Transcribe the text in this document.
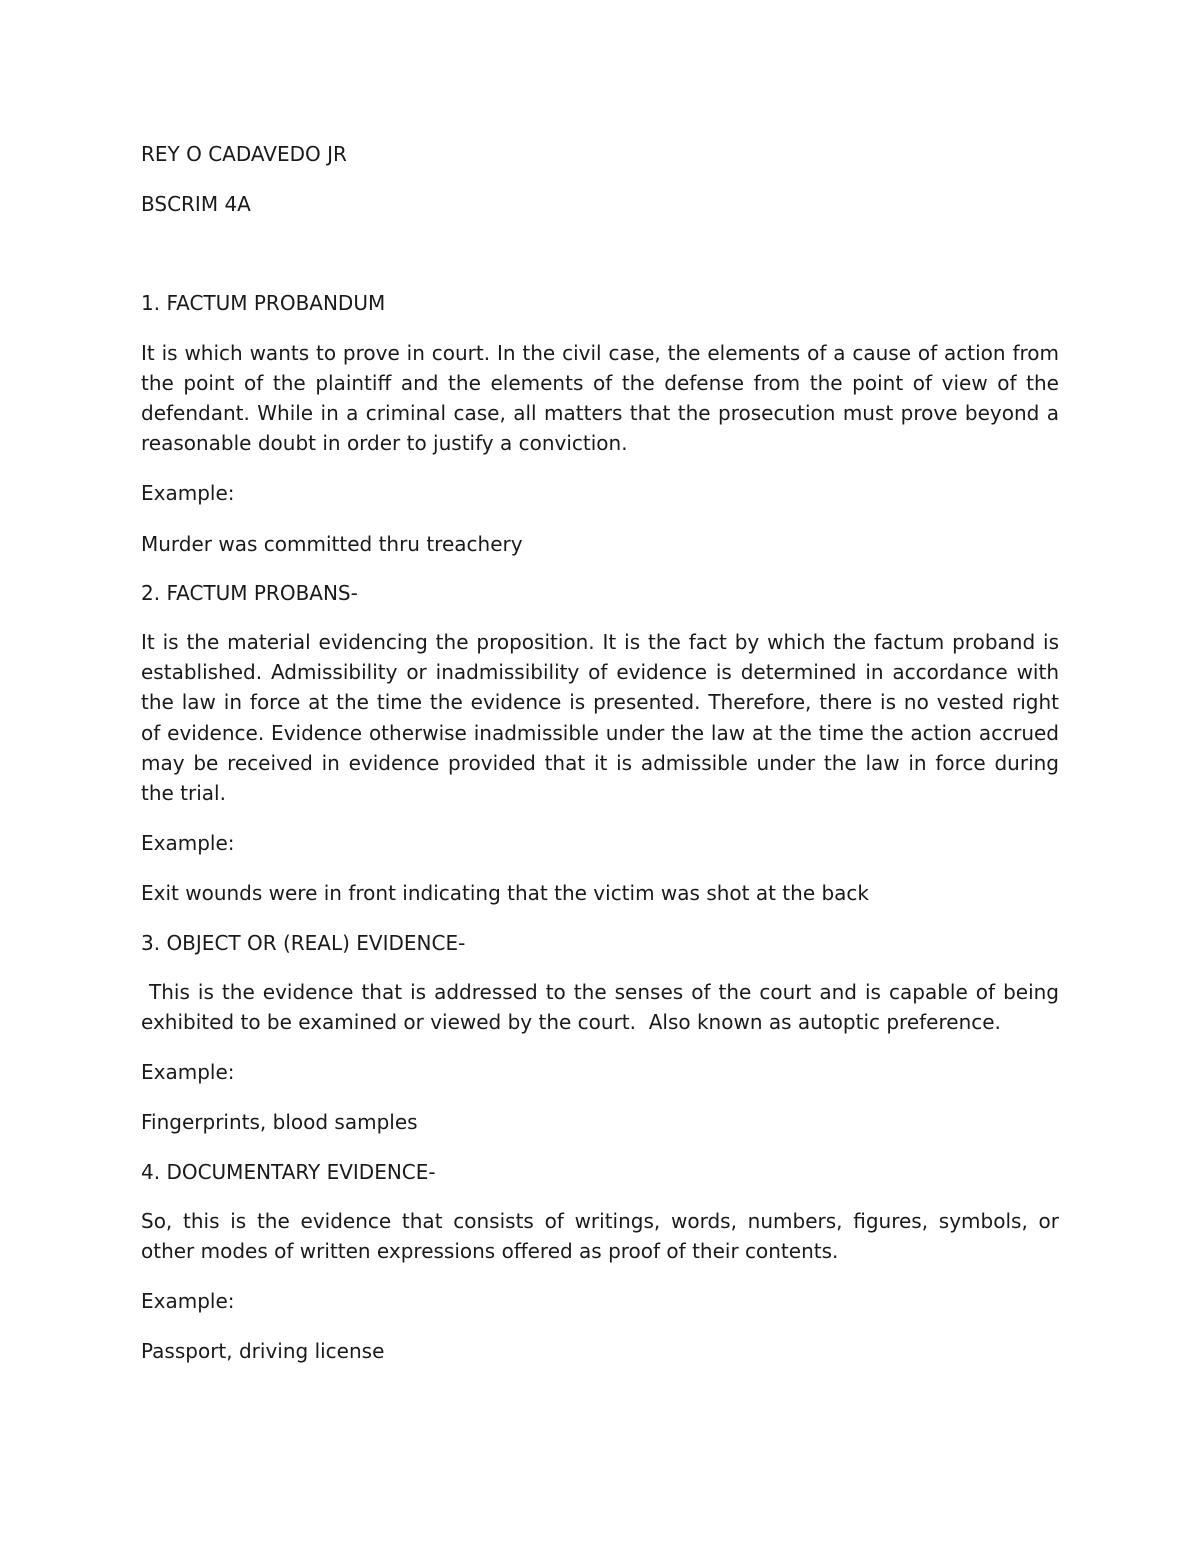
REY O CADAVEDO JR

BSCRIM 4A

1. FACTUM PROBANDUM

It is which wants to prove in court. In the civil case, the elements of a cause of action from the point of the plaintiff and the elements of the defense from the point of view of the defendant. While in a criminal case, all matters that the prosecution must prove beyond a reasonable doubt in order to justify a conviction.

Example:

Murder was committed thru treachery

2. FACTUM PROBANS-

It is the material evidencing the proposition. It is the fact by which the factum proband is established. Admissibility or inadmissibility of evidence is determined in accordance with the law in force at the time the evidence is presented. Therefore, there is no vested right of evidence. Evidence otherwise inadmissible under the law at the time the action accrued may be received in evidence provided that it is admissible under the law in force during the trial.

Example:

Exit wounds were in front indicating that the victim was shot at the back

3. OBJECT OR (REAL) EVIDENCE-

This is the evidence that is addressed to the senses of the court and is capable of being exhibited to be examined or viewed by the court.  Also known as autoptic preference.

Example:

Fingerprints, blood samples

4. DOCUMENTARY EVIDENCE-

So, this is the evidence that consists of writings, words, numbers, figures, symbols, or other modes of written expressions offered as proof of their contents.

Example:

Passport, driving license
